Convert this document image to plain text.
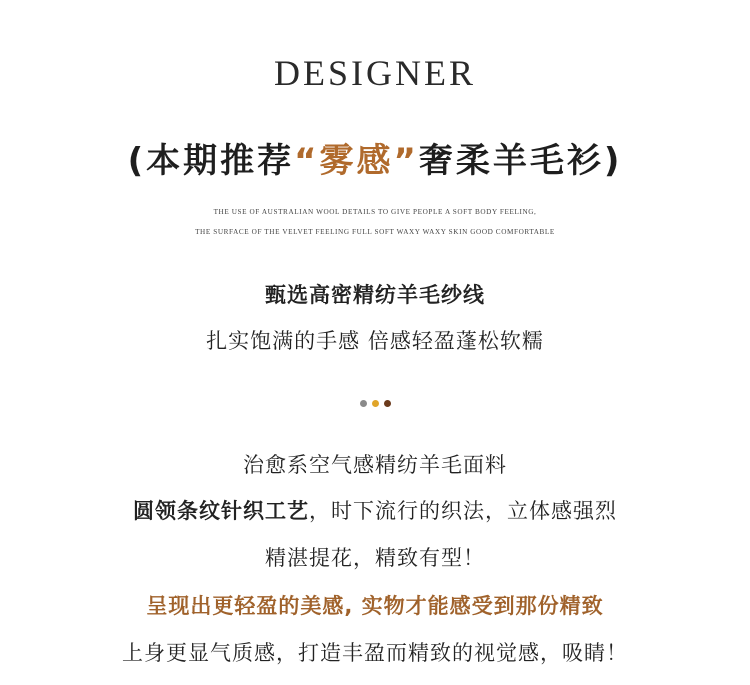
DESIGNER
(本期推荐“雾感”奢柔羊毛衫)
THE USE OF AUSTRALIAN WOOL DETAILS TO GIVE PEOPLE A SOFT BODY FEELING,
THE SURFACE OF THE VELVET FEELING FULL SOFT WAXY WAXY SKIN GOOD COMFORTABLE
甄选高密精纺羊毛纱线
扎实饱满的手感 倍感轻盈蓬松软糯
治愈系空气感精纺羊毛面料
圆领条纹针织工艺，时下流行的织法，立体感强烈
精湛提花，精致有型！
呈现出更轻盈的美感, 实物才能感受到那份精致
上身更显气质感，打造丰盈而精致的视觉感，吸睛！
